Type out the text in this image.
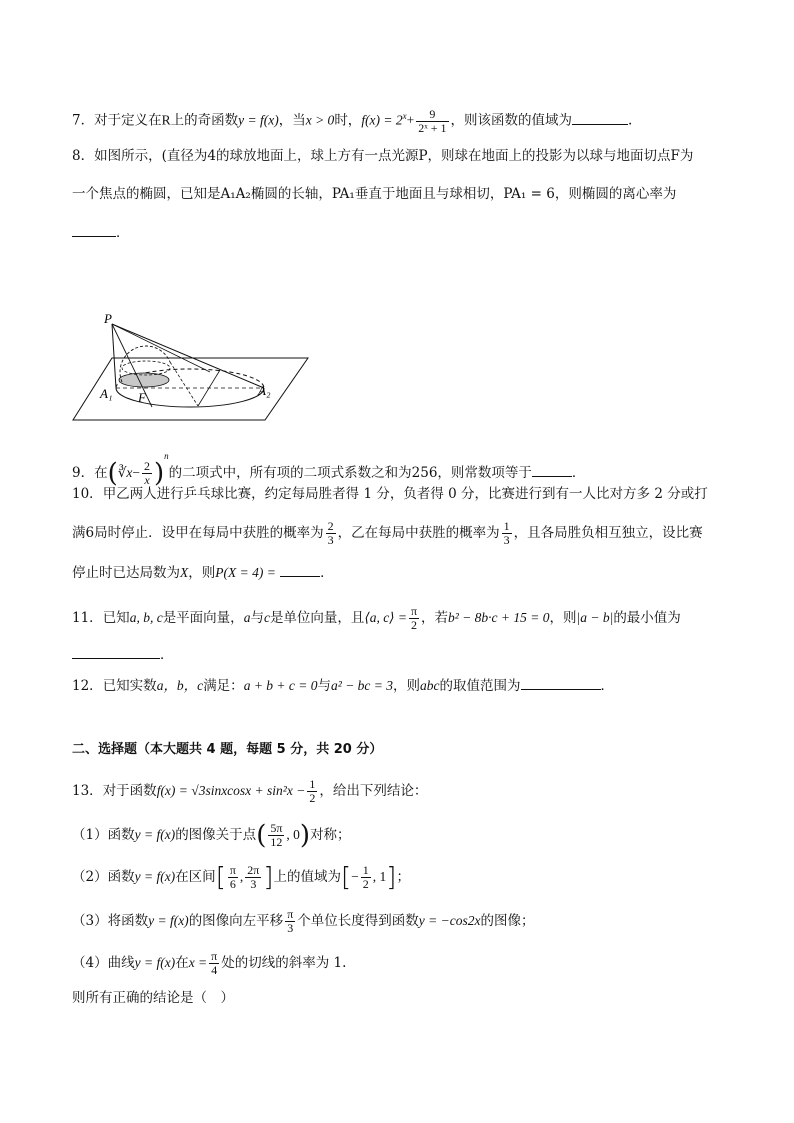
7．对于定义在R上的奇函数y = f(x)，当x > 0时，$f(x) = 2^x+ \frac{9}{\text{2ˣ + 1}}$ ，则该函数的值域为	.
8．如图所示，(直径为4的球放地面上，球上方有一点光源P，则球在地面上的投影为以球与地面切点F为
一个焦点的椭圆，已知是A₁A₂椭圆的长轴，PA₁垂直于地面且与球相切，PA₁ = 6，则椭圆的离心率为
．
P
A₁	A₂
F
9．在(∛x− $\frac{2}{x} )^n$的二项式中，所有项的二项式系数之和为256，则常数项等于	．
10．甲乙两人进行乒乓球比赛，约定每局胜者得 1 分，负者得 0 分，比赛进行到有一人比对方多 2 分或打
满6局时停止．设甲在每局中获胜的概率为 $\frac{2}{3}$ ，乙在每局中获胜的概率为 $\frac{1}{3}$ ，且各局胜负相互独立，设比赛
停止时已达局数为X，则P(X = 4) =	．
11．已知a, b, c是平面向量，a与c是单位向量，且⟨a, c⟩ = $\frac{\pi}{2}$ ，若b² − 8b·c + 15 = 0，则|a − b|的最小值为
．
12．已知实数a，b，c满足：a + b + c = 0与a² − bc = 3，则abc的取值范围为	．
二、选择题（本大题共 4 题，每题 5 分，共 20 分）
13．对于函数f(x) = √3sinxcosx + $\sin^2x - \frac{1}{2}$ ，给出下列结论：
（1）函数y = f(x)的图像关于点( $\frac{5\pi}{12}$ , 0)对称；
（2）函数y = f(x)在区间[ $\frac{\pi}{6}$ , $\frac{2\pi}{3}$ ]上的值域为[− $\frac{1}{2}$ , 1]；
（3）将函数y = f(x)的图像向左平移 $\frac{\pi}{3}$ 个单位长度得到函数y = −cos2x的图像；
（4）曲线y = f(x)在$x = \frac{\pi}{4}$ 处的切线的斜率为 1.
则所有正确的结论是（　）
